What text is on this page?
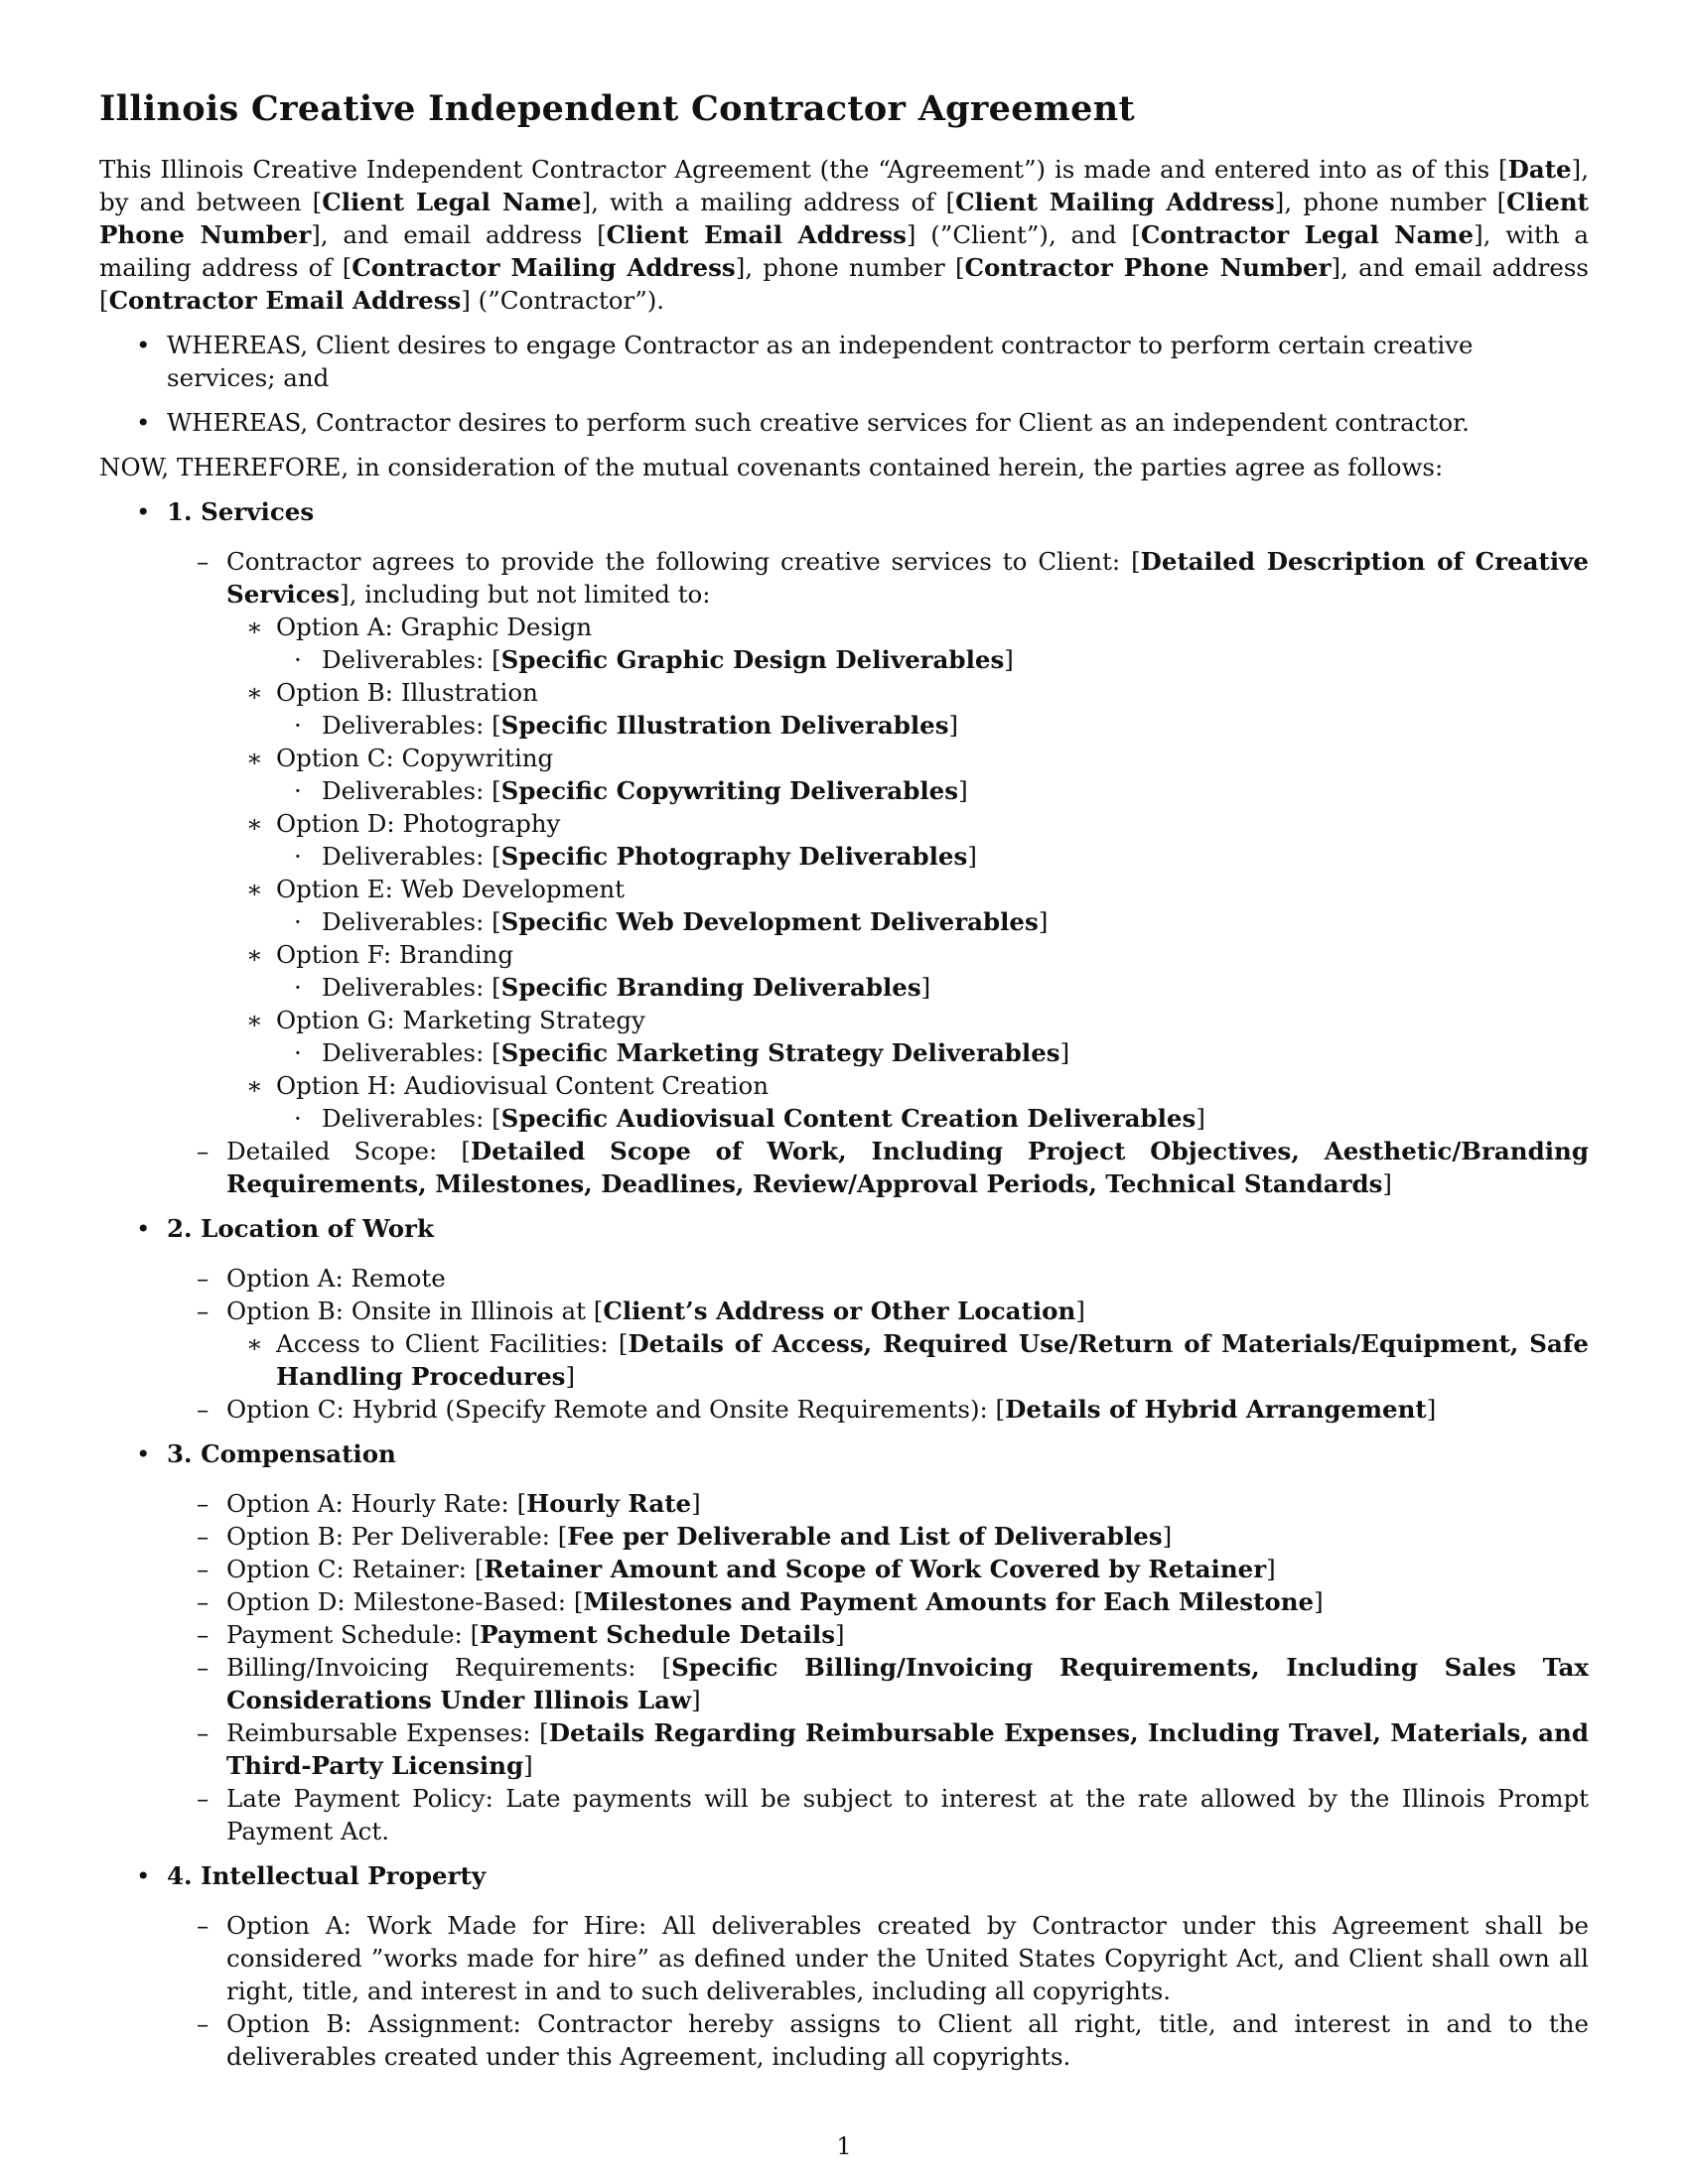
Illinois Creative Independent Contractor Agreement

This Illinois Creative Independent Contractor Agreement (the “Agreement”) is made and entered into as of this [Date], by and between [Client Legal Name], with a mailing address of [Client Mailing Address], phone number [Client Phone Number], and email address [Client Email Address] (”Client”), and [Contractor Legal Name], with a mailing address of [Contractor Mailing Address], phone number [Contractor Phone Number], and email address [Contractor Email Address] (”Contractor”).

• WHEREAS, Client desires to engage Contractor as an independent contractor to perform certain creative services; and
• WHEREAS, Contractor desires to perform such creative services for Client as an independent contractor.

NOW, THEREFORE, in consideration of the mutual covenants contained herein, the parties agree as follows:

• 1. Services
– Contractor agrees to provide the following creative services to Client: [Detailed Description of Creative Services], including but not limited to:
∗ Option A: Graphic Design
· Deliverables: [Specific Graphic Design Deliverables]
∗ Option B: Illustration
· Deliverables: [Specific Illustration Deliverables]
∗ Option C: Copywriting
· Deliverables: [Specific Copywriting Deliverables]
∗ Option D: Photography
· Deliverables: [Specific Photography Deliverables]
∗ Option E: Web Development
· Deliverables: [Specific Web Development Deliverables]
∗ Option F: Branding
· Deliverables: [Specific Branding Deliverables]
∗ Option G: Marketing Strategy
· Deliverables: [Specific Marketing Strategy Deliverables]
∗ Option H: Audiovisual Content Creation
· Deliverables: [Specific Audiovisual Content Creation Deliverables]
– Detailed Scope: [Detailed Scope of Work, Including Project Objectives, Aesthetic/Branding Requirements, Milestones, Deadlines, Review/Approval Periods, Technical Standards]
• 2. Location of Work
– Option A: Remote
– Option B: Onsite in Illinois at [Client’s Address or Other Location]
∗ Access to Client Facilities: [Details of Access, Required Use/Return of Materials/Equipment, Safe Handling Procedures]
– Option C: Hybrid (Specify Remote and Onsite Requirements): [Details of Hybrid Arrangement]
• 3. Compensation
– Option A: Hourly Rate: [Hourly Rate]
– Option B: Per Deliverable: [Fee per Deliverable and List of Deliverables]
– Option C: Retainer: [Retainer Amount and Scope of Work Covered by Retainer]
– Option D: Milestone-Based: [Milestones and Payment Amounts for Each Milestone]
– Payment Schedule: [Payment Schedule Details]
– Billing/Invoicing Requirements: [Specific Billing/Invoicing Requirements, Including Sales Tax Considerations Under Illinois Law]
– Reimbursable Expenses: [Details Regarding Reimbursable Expenses, Including Travel, Materials, and Third-Party Licensing]
– Late Payment Policy: Late payments will be subject to interest at the rate allowed by the Illinois Prompt Payment Act.
• 4. Intellectual Property
– Option A: Work Made for Hire: All deliverables created by Contractor under this Agreement shall be considered ”works made for hire” as defined under the United States Copyright Act, and Client shall own all right, title, and interest in and to such deliverables, including all copyrights.
– Option B: Assignment: Contractor hereby assigns to Client all right, title, and interest in and to the deliverables created under this Agreement, including all copyrights.
1
